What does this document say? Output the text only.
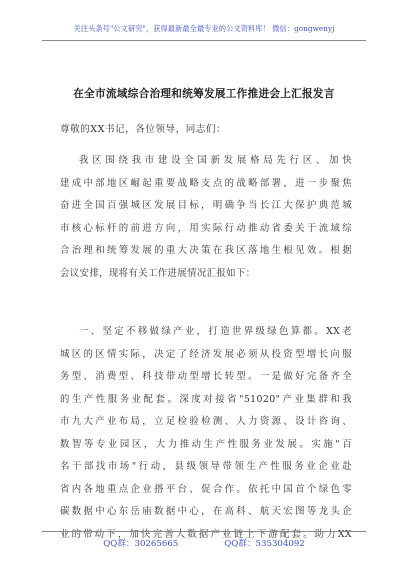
关注头条号"公文研究"，获得最新最全最专业的公文资料库！ 微信：gongwenyj
在全市流域综合治理和统筹发展工作推进会上汇报发言
尊敬的XX书记，各位领导，同志们：
我区围绕我市建设全国新发展格局先行区、加快
建成中部地区崛起重要战略支点的战略部署，进一步聚焦
奋进全国百强城区发展目标，明确争当长江大保护典范城
市核心标杆的前进方向，用实际行动推动省委关于流域综
合治理和统筹发展的重大决策在我区落地生根见效。根据
会议安排，现将有关工作进展情况汇报如下：
一、坚定不移做绿产业，打造世界级绿色算都。XX老
城区的区情实际，决定了经济发展必须从投资型增长向服
务型、消费型、科技带动型增长转型。一是做好完备齐全
的生产性服务业配套。深度对接省"51020"产业集群和我
市九大产业布局，立足检验检测、人力资源、设计咨询、
数智等专业园区，大力推动生产性服务业发展。实施"百
名干部找市场"行动，县级领导带领生产性服务业企业赴
省内各地重点企业搭平台、促合作。依托中国首个绿色零
碳数据中心东岳庙数据中心，在高科、航天宏图等龙头企
业的带动下，加快完善大数据产业链上下游配套。助力XX
QQ群：30265665	QQ群：535304092
